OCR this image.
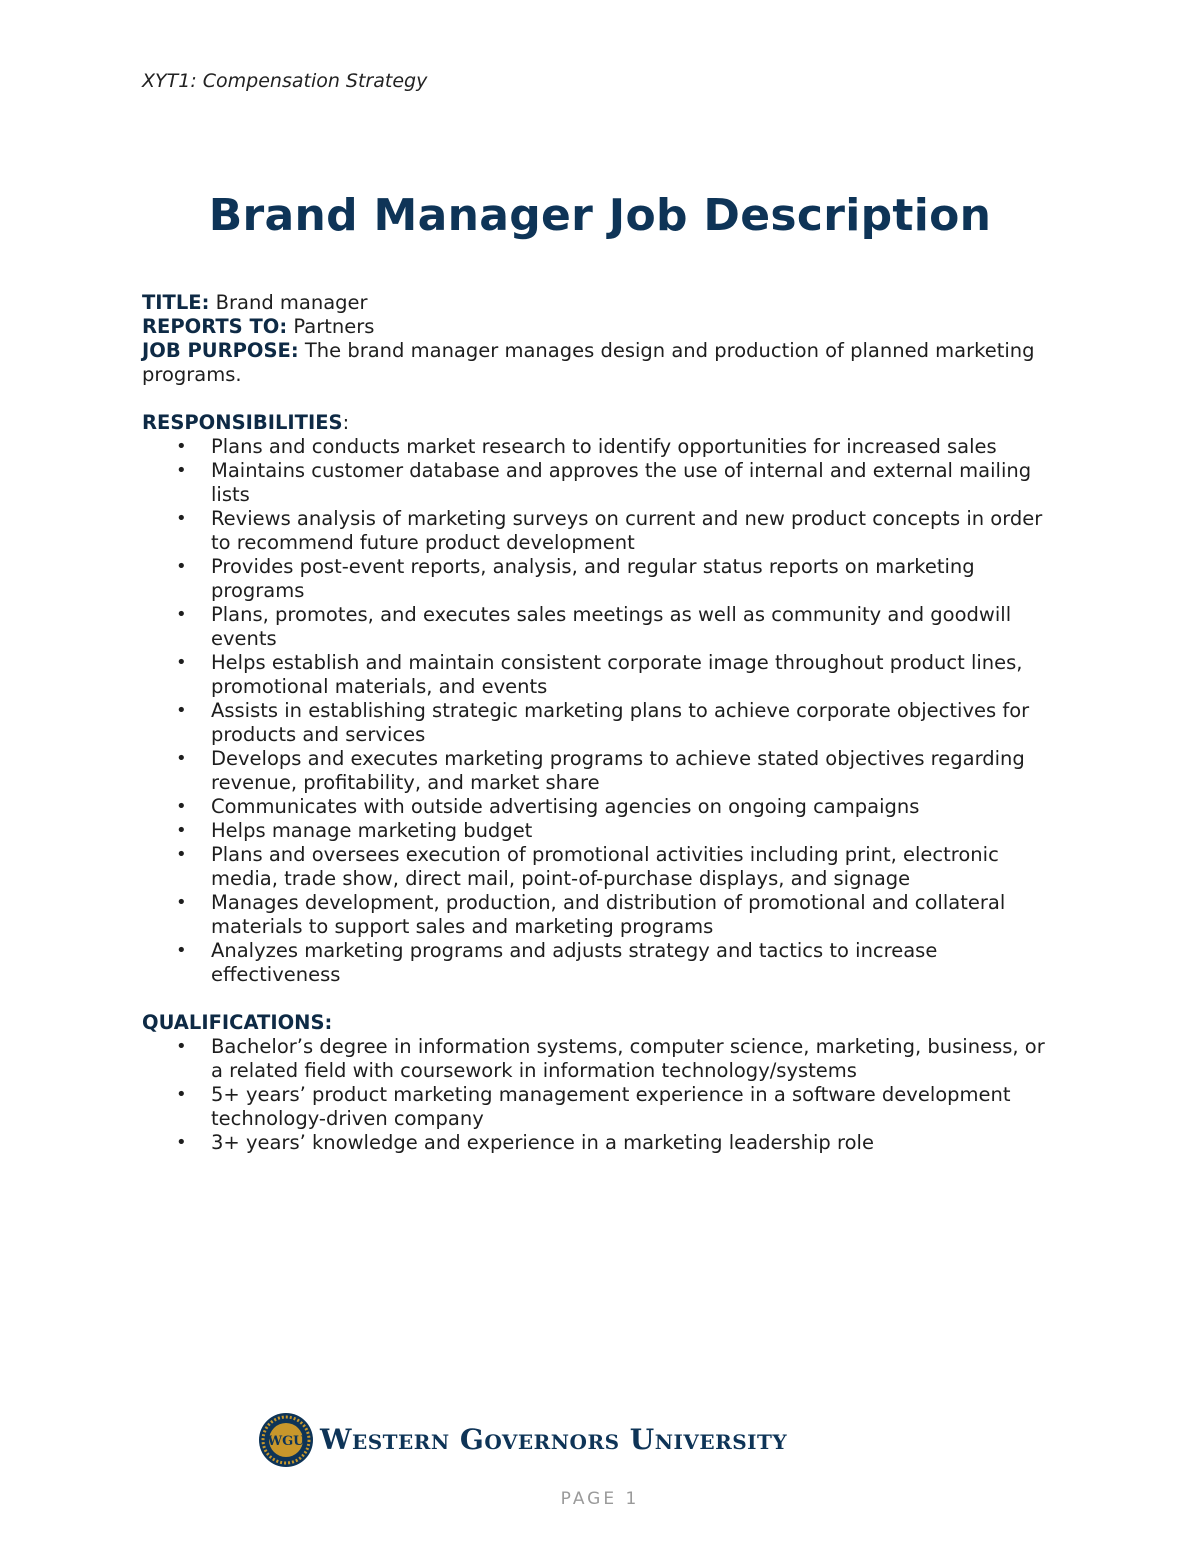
XYT1: Compensation Strategy
Brand Manager Job Description

TITLE: Brand manager

REPORTS TO: Partners

JOB PURPOSE: The brand manager manages design and production of planned marketing programs.

RESPONSIBILITIES:

• Plans and conducts market research to identify opportunities for increased sales
• Maintains customer database and approves the use of internal and external mailing lists
• Reviews analysis of marketing surveys on current and new product concepts in order to recommend future product development
• Provides post-event reports, analysis, and regular status reports on marketing programs
• Plans, promotes, and executes sales meetings as well as community and goodwill events
• Helps establish and maintain consistent corporate image throughout product lines, promotional materials, and events
• Assists in establishing strategic marketing plans to achieve corporate objectives for products and services
• Develops and executes marketing programs to achieve stated objectives regarding revenue, profitability, and market share
• Communicates with outside advertising agencies on ongoing campaigns
• Helps manage marketing budget
• Plans and oversees execution of promotional activities including print, electronic media, trade show, direct mail, point-of-purchase displays, and signage
• Manages development, production, and distribution of promotional and collateral materials to support sales and marketing programs
• Analyzes marketing programs and adjusts strategy and tactics to increase effectiveness

QUALIFICATIONS:

• Bachelor’s degree in information systems, computer science, marketing, business, or a related field with coursework in information technology/systems
• 5+ years’ product marketing management experience in a software development technology-driven company
• 3+ years’ knowledge and experience in a marketing leadership role
WGU Western Governors University
PAGE 1
